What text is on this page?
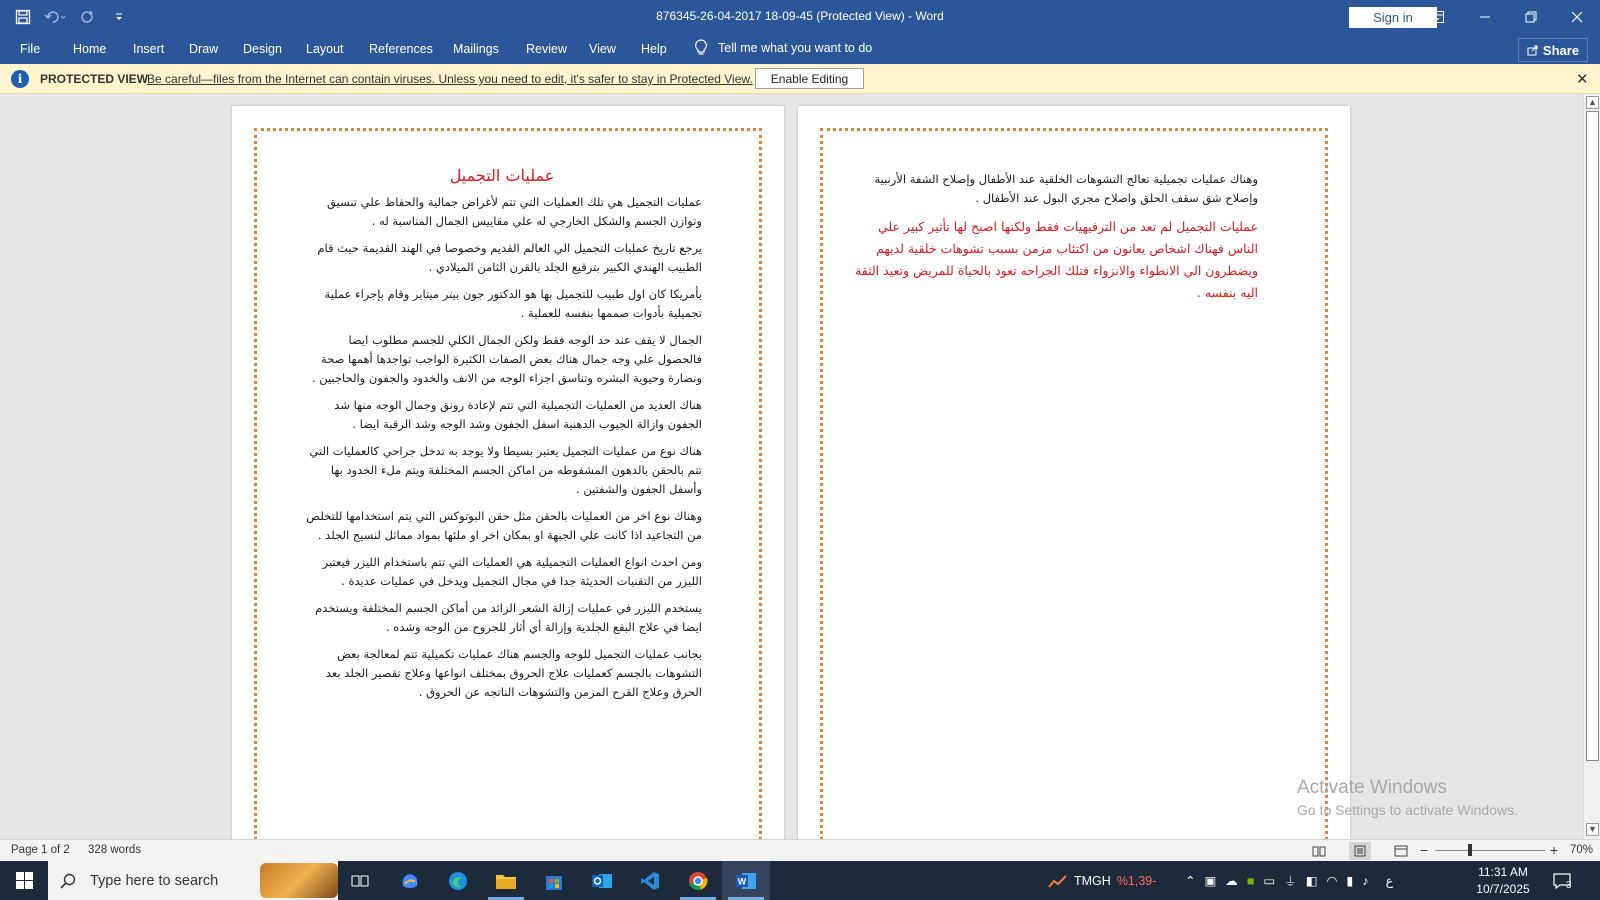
876345-26-04-2017 18-09-45 (Protected View) - Word	Sign in
File	Home Insert Draw Design Layout References Mailings Review View Help	Tell me what you want to do	Share
i	PROTECTED VIEW
Be careful—files from the Internet can contain viruses. Unless you need to edit, it's safer to stay in Protected View.	Enable Editing	✕
عمليات التجميل

عمليات التجميل هي تلك العمليات التي تتم لأغراض جمالية والحفاظ علي تنسيق وتوازن الجسم والشكل الخارجي له علي مقاييس الجمال المناسبة له .

يرجع تاريخ عمليات التجميل الي العالم القديم وخصوصا في الهند القديمة حيث قام الطبيب الهندي الكبير بترقيع الجلد بالقرن الثامن الميلادي .

بأمريكا كان اول طبيب للتجميل بها هو الدكتور جون بيتر ميتاير وقام بإجراء عملية تجميلية بأدوات صممها بنفسه للعملية .

الجمال لا يقف عند حد الوجه فقط ولكن الجمال الكلي للجسم مطلوب ايضا فالحصول علي وجه جمال هناك بعض الصفات الكثيرة الواجب تواجدها أهمها صحة ونضارة وحيوية البشره وتناسق اجزاء الوجه من الانف والخدود والجفون والحاجبين .

هناك العديد من العمليات التجميلية التي تتم لإعادة رونق وجمال الوجه منها شد الجفون وازالة الجيوب الدهنية اسفل الجفون وشد الوجه وشد الرقبة ايضا .

هناك نوع من عمليات التجميل يعتبر بسيطا ولا يوجد به تدخل جراحي كالعمليات التي تتم بالحقن بالدهون المشفوطه من اماكن الجسم المختلفة ويتم ملء الخدود بها وأسفل الجفون والشفتين .

وهناك نوع اخر من العمليات بالحقن مثل حقن البوتوكس التي يتم استخدامها للتخلص من التجاعيد اذا كانت علي الجبهة او بمكان اخر او ملئها بمواد مماثل لنسيج الجلد .

ومن احدث انواع العمليات التجميلية هي العمليات التي تتم باستخدام الليزر فيعتبر الليزر من التقنيات الحديثة جدا في مجال التجميل ويدخل في عمليات عديدة .

يستخدم الليزر في عمليات إزالة الشعر الزائد من أماكن الجسم المختلفة ويستخدم ايضا في علاج البقع الجلدية وإزالة أي أثار للجروح من الوجه وشده .

بجانب عمليات التجميل للوجه والجسم هناك عمليات تكميلية تتم لمعالجة بعض التشوهات بالجسم كعمليات علاج الحروق بمختلف انواعها وعلاج تقصير الجلد بعد الحرق وعلاج القرح المزمن والتشوهات الناتجه عن الحروق .

وهناك عمليات تجميلية تعالج التشوهات الخلقية عند الأطفال وإصلاح الشفة الأرنبية وإصلاح شق سقف الحلق واصلاح مجري البول عند الأطفال .

عمليات التجميل لم تعد من الترفيهيات فقط ولكنها اصبح لها تأثير كبير علي الناس فهناك اشخاص يعانون من اكتئاب مزمن بسبب تشوهات خلقية لديهم ويضطرون الي الانطواء والانزواء فتلك الجراحه تعود بالحياة للمريض وتعيد الثقة اليه بنفسه .

▲
▼
Activate Windows
Go to Settings to activate Windows.
Page 1 of 2 328 words	−	+ 70%
Type here to search	W	TMGH %1,39- ⌃ ▣ ☁ ■ ▭ ⏚ ◧ ◠ ▮ ♪ ع
11:31 AM
10/7/2025	3
